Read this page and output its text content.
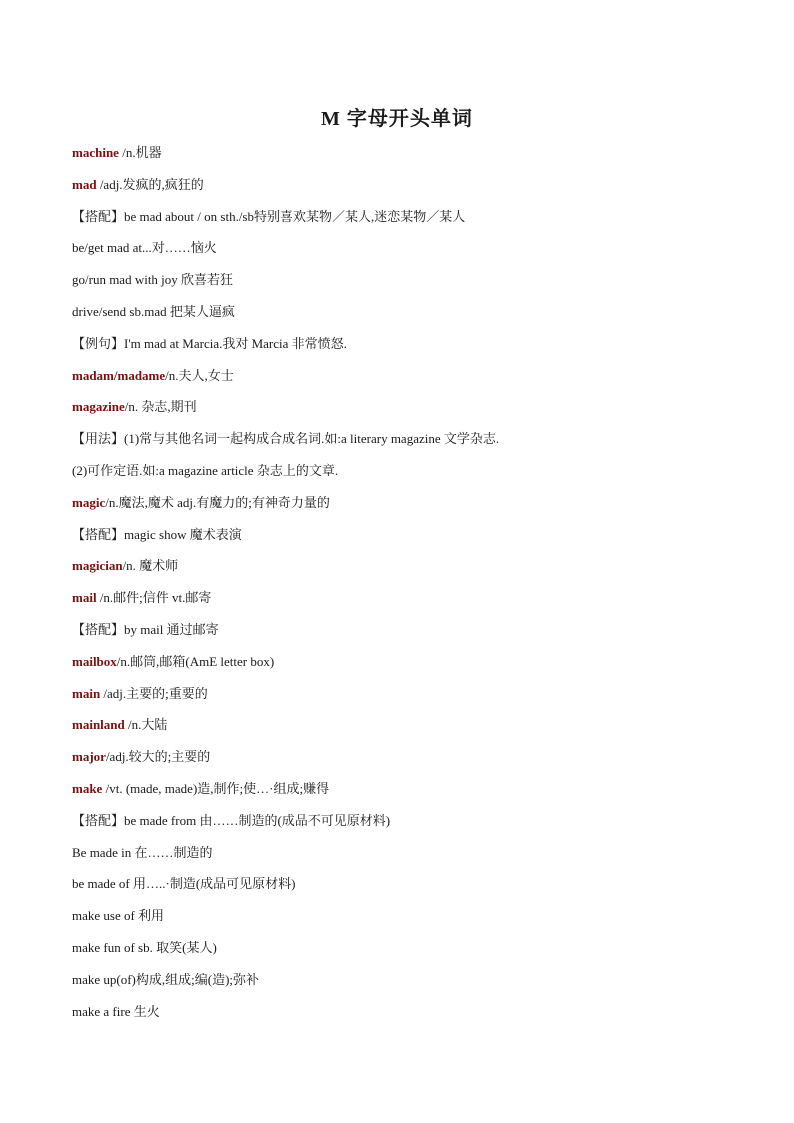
M 字母开头单词
machine /n.机器
mad /adj.发疯的,疯狂的
【搭配】be mad about / on sth./sb特别喜欢某物／某人,迷恋某物／某人
be/get mad at...对……恼火
go/run mad with joy 欣喜若狂
drive/send sb.mad 把某人逼疯
【例句】I'm mad at Marcia.我对 Marcia 非常愤怒.
madam/madame/n.夫人,女士
magazine/n. 杂志,期刊
【用法】(1)常与其他名词一起构成合成名词.如:a literary magazine 文学杂志.
(2)可作定语.如:a magazine article 杂志上的文章.
magic/n.魔法,魔术 adj.有魔力的;有神奇力量的
【搭配】magic show 魔术表演
magician/n. 魔术师
mail /n.邮件;信件 vt.邮寄
【搭配】by mail 通过邮寄
mailbox/n.邮筒,邮箱(AmE letter box)
main /adj.主要的;重要的
mainland /n.大陆
major/adj.较大的;主要的
make /vt. (made, made)造,制作;使…·组成;赚得
【搭配】be made from 由……制造的(成品不可见原材料)
Be made in 在……制造的
be made of 用…..·制造(成品可见原材料)
make use of 利用
make fun of sb. 取笑(某人)
make up(of)构成,组成;编(造);弥补
make a fire 生火
